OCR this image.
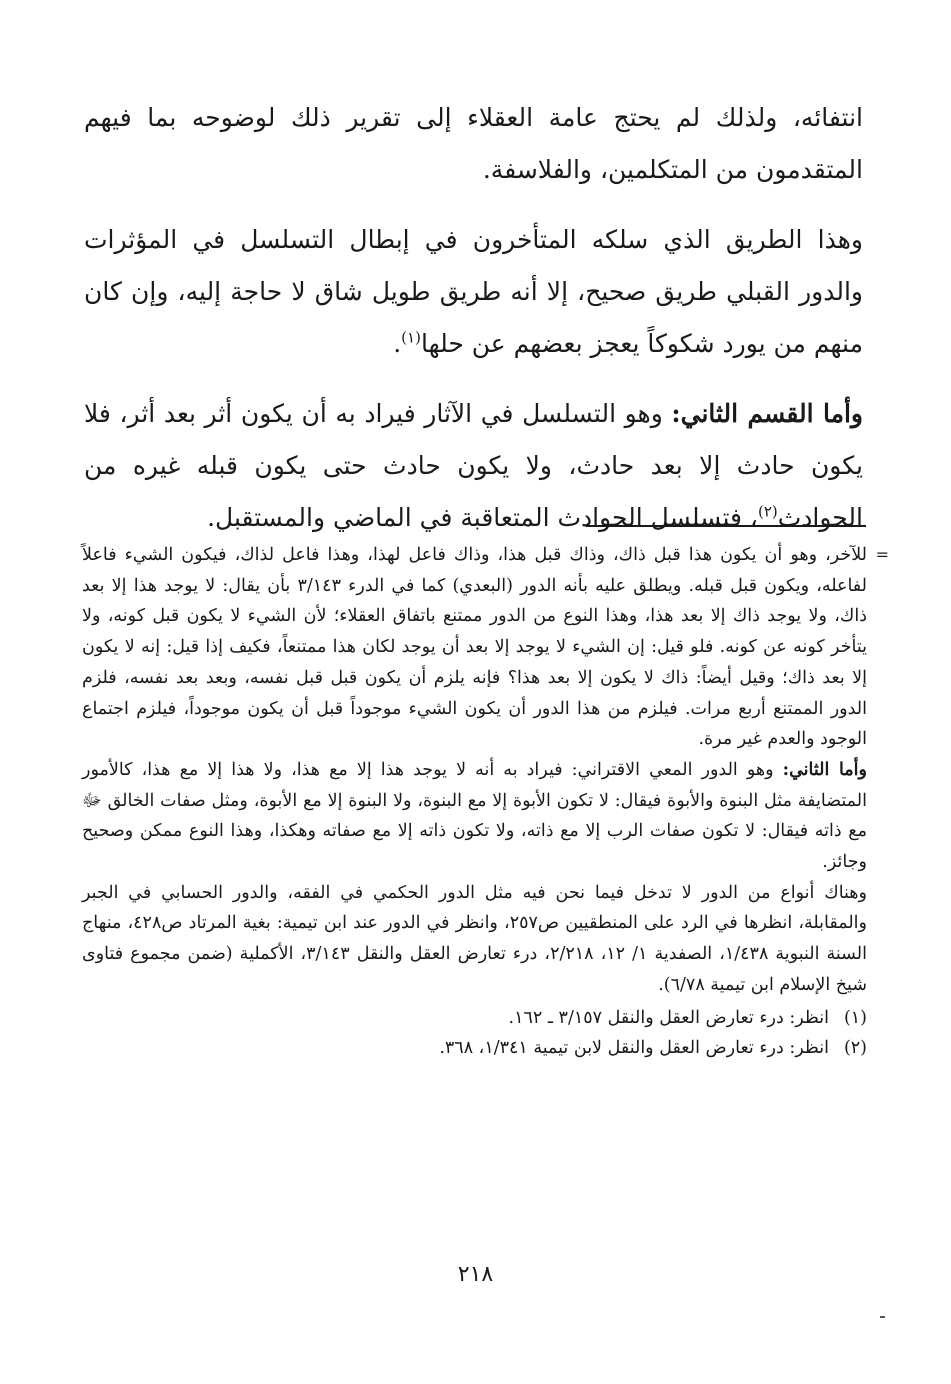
انتفائه، ولذلك لم يحتج عامة العقلاء إلى تقرير ذلك لوضوحه بما فيهم المتقدمون من المتكلمين، والفلاسفة.

وهذا الطريق الذي سلكه المتأخرون في إبطال التسلسل في المؤثرات والدور القبلي طريق صحيح، إلا أنه طريق طويل شاق لا حاجة إليه، وإن كان منهم من يورد شكوكاً يعجز بعضهم عن حلها$^{(١)}$.

وأما القسم الثاني: وهو التسلسل في الآثار فيراد به أن يكون أثر بعد أثر، فلا يكون حادث إلا بعد حادث، ولا يكون حادث حتى يكون قبله غيره من الحوادث$^{(٢)}$، فتسلسل الحوادث المتعاقبة في الماضي والمستقبل.

=

للآخر، وهو أن يكون هذا قبل ذاك، وذاك قبل هذا، وذاك فاعل لهذا، وهذا فاعل لذاك، فيكون الشيء فاعلاً لفاعله، ويكون قبل قبله. ويطلق عليه بأنه الدور (البعدي) كما في الدرء ٣/١٤٣ بأن يقال: لا يوجد هذا إلا بعد ذاك، ولا يوجد ذاك إلا بعد هذا، وهذا النوع من الدور ممتنع باتفاق العقلاء؛ لأن الشيء لا يكون قبل كونه، ولا يتأخر كونه عن كونه. فلو قيل: إن الشيء لا يوجد إلا بعد أن يوجد لكان هذا ممتنعاً، فكيف إذا قيل: إنه لا يكون إلا بعد ذاك؛ وقيل أيضاً: ذاك لا يكون إلا بعد هذا؟ فإنه يلزم أن يكون قبل قبل نفسه، وبعد بعد نفسه، فلزم الدور الممتنع أربع مرات. فيلزم من هذا الدور أن يكون الشيء موجوداً قبل أن يكون موجوداً، فيلزم اجتماع الوجود والعدم غير مرة.

وأما الثاني: وهو الدور المعي الاقتراني: فيراد به أنه لا يوجد هذا إلا مع هذا، ولا هذا إلا مع هذا، كالأمور المتضايفة مثل البنوة والأبوة فيقال: لا تكون الأبوة إلا مع البنوة، ولا البنوة إلا مع الأبوة، ومثل صفات الخالق ﷻ مع ذاته فيقال: لا تكون صفات الرب إلا مع ذاته، ولا تكون ذاته إلا مع صفاته وهكذا، وهذا النوع ممكن وصحيح وجائز.

وهناك أنواع من الدور لا تدخل فيما نحن فيه مثل الدور الحكمي في الفقه، والدور الحسابي في الجبر والمقابلة، انظرها في الرد على المنطقيين ص٢٥٧، وانظر في الدور عند ابن تيمية: بغية المرتاد ص٤٢٨، منهاج السنة النبوية ١/٤٣٨، الصفدية ١/ ١٢، ٢/٢١٨، درء تعارض العقل والنقل ٣/١٤٣، الأكملية (ضمن مجموع فتاوى شيخ الإسلام ابن تيمية ٦/٧٨).

(١)
انظر: درء تعارض العقل والنقل ٣/١٥٧ ـ ١٦٢.
(٢)
انظر: درء تعارض العقل والنقل لابن تيمية ١/٣٤١، ٣٦٨.
٢١٨
